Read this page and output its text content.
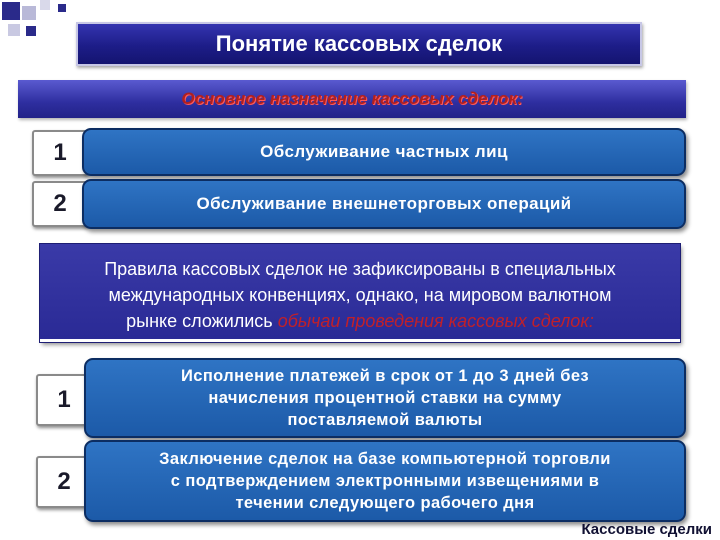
Понятие кассовых сделок
Основное назначение кассовых сделок:
1	Обслуживание частных лиц
2	Обслуживание внешнеторговых операций
Правила кассовых сделок не зафиксированы в специальных
международных конвенциях, однако, на мировом валютном
рынке сложились обычаи проведения кассовых сделок:
1
Исполнение платежей в срок от 1 до 3 дней без
начисления процентной ставки на сумму
поставляемой валюты
2
Заключение сделок на базе компьютерной торговли
с подтверждением электронными извещениями в
течении следующего рабочего дня
Кассовые сделки
